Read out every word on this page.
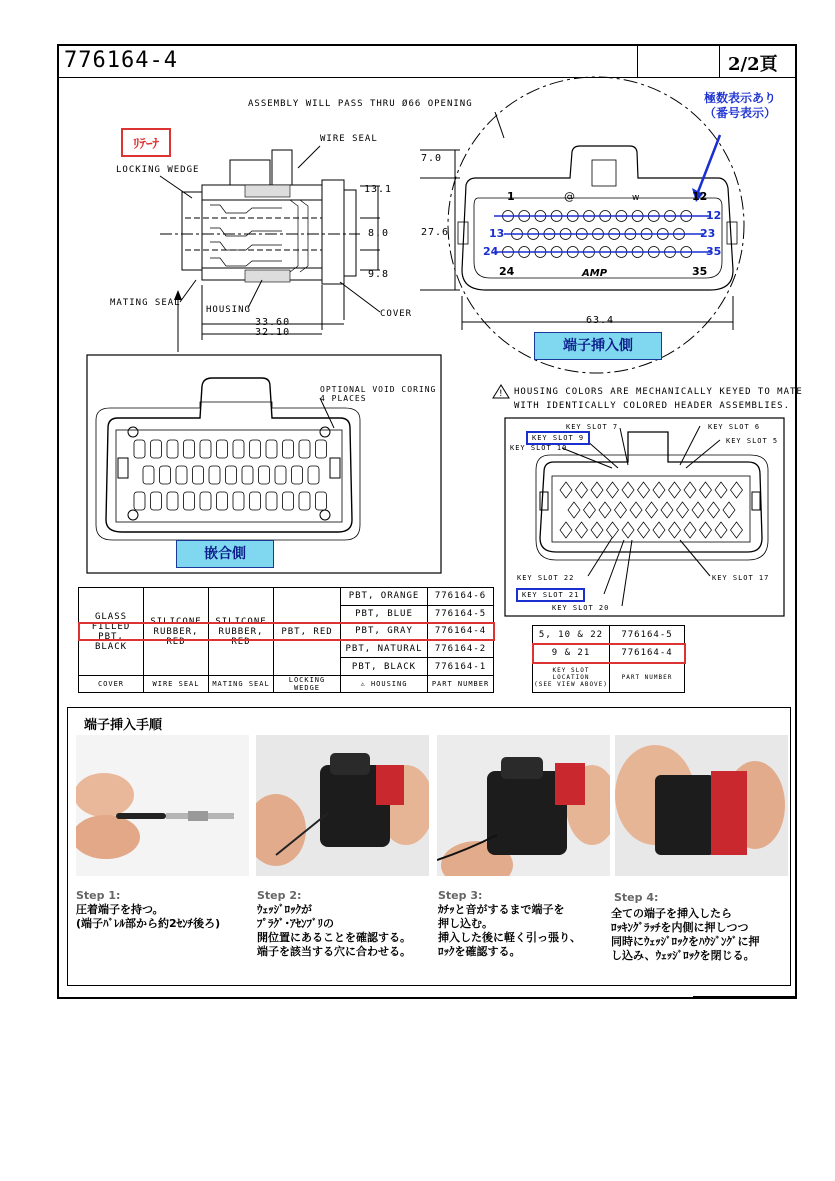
776164-4	2/2頁
@	w
!
ﾘﾃｰﾅ
LOCKING WEDGE
WIRE SEAL
ASSEMBLY WILL PASS THRU Ø66 OPENING
13.1
8.0
9.8
MATING SEAL
HOUSING
33.60
32.10
COVER
極数表示あり
（番号表示）
7.0
27.6
63.4
1	12
24	35
12
13	23
24	35
AMP
端子挿入側
OPTIONAL VOID CORING
4 PLACES
嵌合側
HOUSING COLORS ARE MECHANICALLY KEYED TO MATE
WITH IDENTICALLY COLORED HEADER ASSEMBLIES.
KEY SLOT 7	KEY SLOT 6
KEY SLOT 5
KEY SLOT 9
KEY SLOT 10
KEY SLOT 22	KEY SLOT 17
KEY SLOT 21
KEY SLOT 20
GLASS
FILLED
PBT, BLACK	SILICONE
RUBBER,
RED	SILICONE
RUBBER,
RED	PBT, RED	PBT, ORANGE	776164-6
				PBT, BLUE	776164-5
				PBT, GRAY	776164-4
				PBT, NATURAL	776164-2
				PBT, BLACK	776164-1
COVER	WIRE SEAL	MATING SEAL	LOCKING WEDGE	⚠ HOUSING	PART NUMBER
5, 10 & 22	776164-5
9 & 21	776164-4
KEY SLOT
LOCATION
(SEE VIEW ABOVE)	PART NUMBER
端子挿入手順
Step 1:
圧着端子を持つ。
(端子ﾊﾞﾚﾙ部から約2ｾﾝﾁ後ろ)
Step 2:
ｳｪｯｼﾞﾛｯｸが
ﾌﾟﾗｸﾞ･ｱｾﾝﾌﾞﾘの
開位置にあることを確認する。
端子を該当する穴に合わせる。
Step 3:
ｶﾁｯと音がするまで端子を
押し込む。
挿入した後に軽く引っ張り、
ﾛｯｸを確認する。
Step 4:
全ての端子を挿入したら
ﾛｯｷﾝｸﾞﾗｯﾁを内側に押しつつ
同時にｳｪｯｼﾞﾛｯｸをﾊｳｼﾞﾝｸﾞに押
し込み、ｳｪｯｼﾞﾛｯｸを閉じる。
